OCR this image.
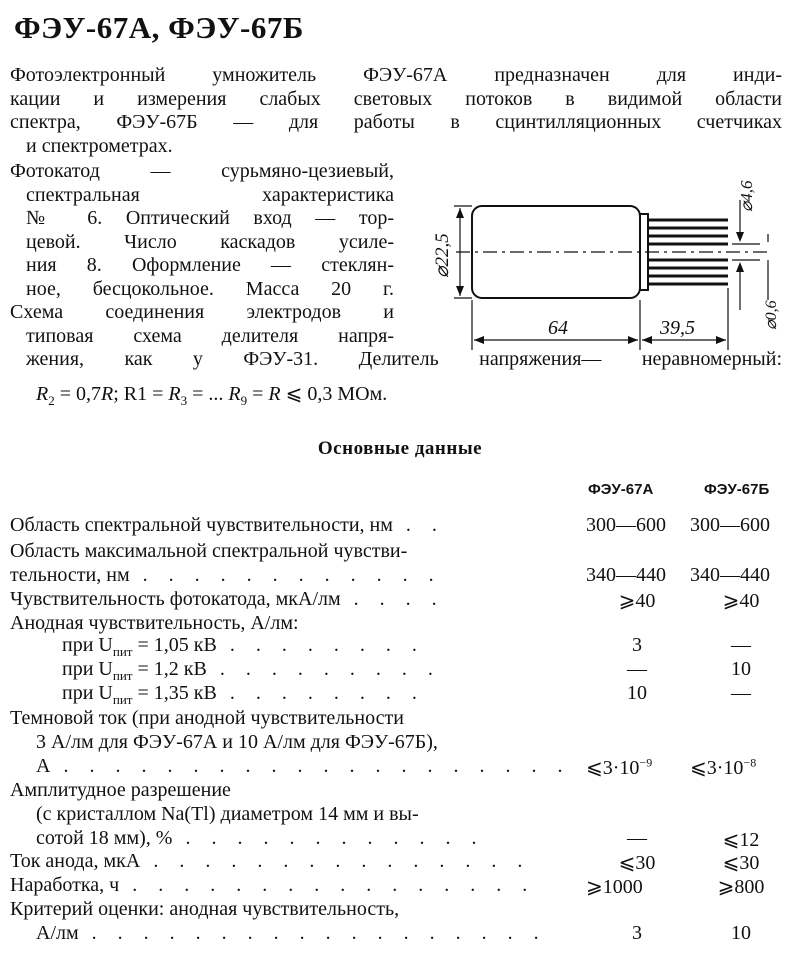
ФЭУ-67А, ФЭУ-67Б

Фотоэлектронный умножитель ФЭУ-67А предназначен для инди-
кации и измерения слабых световых потоков в видимой области
спектра, ФЭУ-67Б — для работы в сцинтилляционных счетчиках
и спектрометрах.

Фотокатод — сурьмяно-цезиевый,
спектральная характеристика
№ 6. Оптический вход — тор-
цевой. Число каскадов усиле-
ния 8. Оформление — стеклян-
ное, бесцокольное. Масса 20 г.
Схема соединения электродов и
типовая схема делителя напря-

жения, как у ФЭУ-31. Делитель напряжения— неравномерный:

$R_2 = 0,7R$; $R1 = R_3$ = ... $R_9 = R$ ⩽ 0,3 МОм.
⌀22,5
⌀4,6
⌀0,6
64	39,5
Основные данные
ФЭУ-67А	ФЭУ-67Б
Область спектральной чувствительности, нм . .	300—600 300—600
Область максимальной спектральной чувстви-
тельности, нм . . . . . . . . . . . .	340—440 340—440
Чувствительность фотокатода, мкА/лм . . . .	⩾40	⩾40
Анодная чувствительность, А/лм:
при $U_{пит} = 1,05$ кВ . . . . . . . .	3	—
при $U_{пит} = 1,2$ кВ . . . . . . . . .	—	10
при $U_{пит} = 1,35$ кВ . . . . . . . .	10	—
Темновой ток (при анодной чувствительности
3 А/лм для ФЭУ-67А и 10 А/лм для ФЭУ-67Б),
А . . . . . . . . . . . . . . . . . . . . $⩽3\cdot 10^{-9}$ $⩽3\cdot 10^{-8}$
Амплитудное разрешение
(с кристаллом Na(Tl) диаметром 14 мм и вы-
сотой 18 мм), % . . . . . . . . . . . .	—	⩽12
Ток анода, мкА . . . . . . . . . . . . . . .	⩽30	⩽30
Наработка, ч . . . . . . . . . . . . . . . .	⩾1000	⩾800
Критерий оценки: анодная чувствительность,
А/лм . . . . . . . . . . . . . . . . . .	3	10
